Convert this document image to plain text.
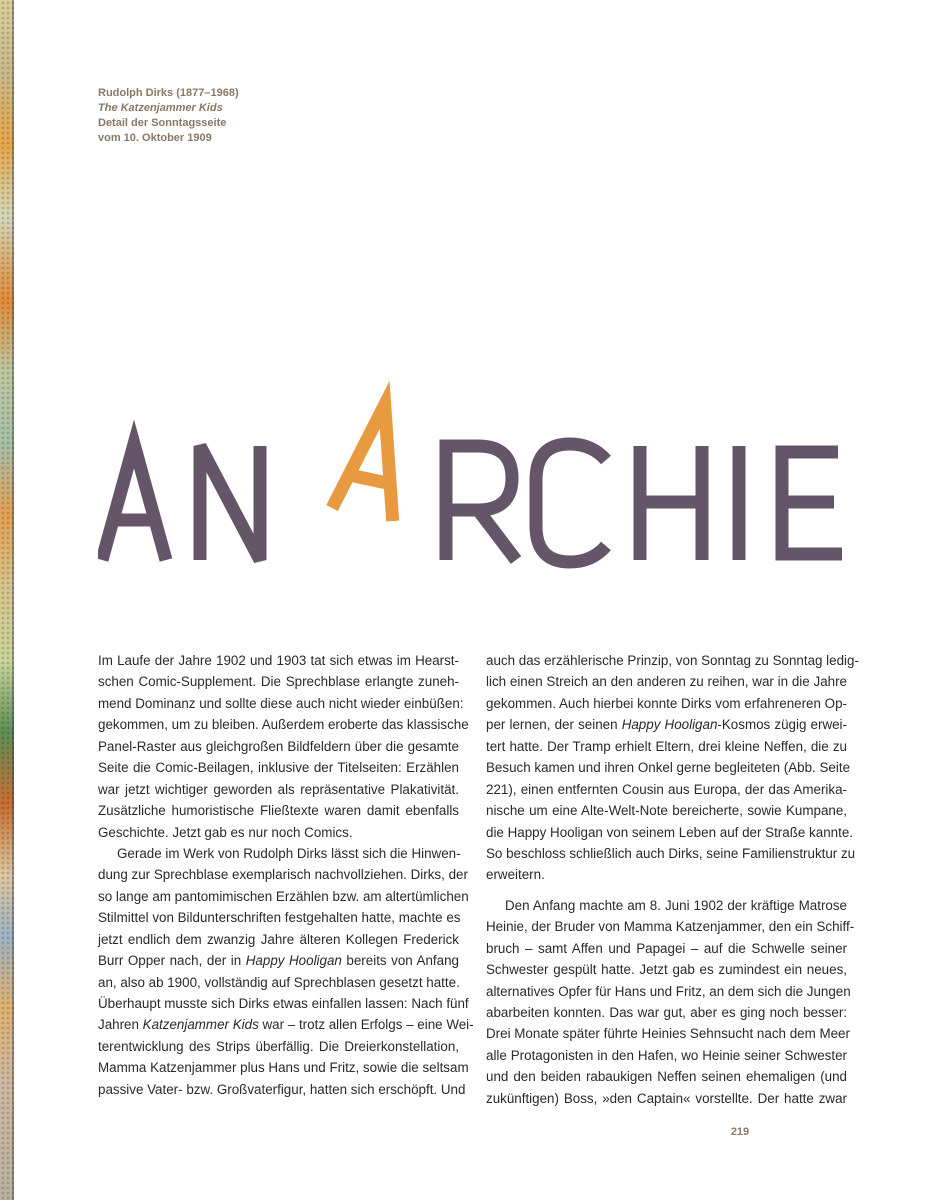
Rudolph Dirks (1877–1968)
The Katzenjammer Kids
Detail der Sonntagsseite
vom 10. Oktober 1909
Im Laufe der Jahre 1902 und 1903 tat sich etwas im Hearst-
schen Comic-Supplement. Die Sprechblase erlangte zuneh-
mend Dominanz und sollte diese auch nicht wieder einbüßen:
gekommen, um zu bleiben. Außerdem eroberte das klassische
Panel-Raster aus gleichgroßen Bildfeldern über die gesamte
Seite die Comic-Beilagen, inklusive der Titelseiten: Erzählen
war jetzt wichtiger geworden als repräsentative Plakativität.
Zusätzliche humoristische Fließtexte waren damit ebenfalls
Geschichte. Jetzt gab es nur noch Comics.
Gerade im Werk von Rudolph Dirks lässt sich die Hinwen-
dung zur Sprechblase exemplarisch nachvollziehen. Dirks, der
so lange am pantomimischen Erzählen bzw. am altertümlichen
Stilmittel von Bildunterschriften festgehalten hatte, machte es
jetzt endlich dem zwanzig Jahre älteren Kollegen Frederick
Burr Opper nach, der in Happy Hooligan bereits von Anfang
an, also ab 1900, vollständig auf Sprechblasen gesetzt hatte.
Überhaupt musste sich Dirks etwas einfallen lassen: Nach fünf
Jahren Katzenjammer Kids war – trotz allen Erfolgs – eine Wei-
terentwicklung des Strips überfällig. Die Dreierkonstellation,
Mamma Katzenjammer plus Hans und Fritz, sowie die seltsam
passive Vater- bzw. Großvaterfigur, hatten sich erschöpft. Und
auch das erzählerische Prinzip, von Sonntag zu Sonntag ledig-
lich einen Streich an den anderen zu reihen, war in die Jahre
gekommen. Auch hierbei konnte Dirks vom erfahreneren Op-
per lernen, der seinen Happy Hooligan-Kosmos zügig erwei-
tert hatte. Der Tramp erhielt Eltern, drei kleine Neffen, die zu
Besuch kamen und ihren Onkel gerne begleiteten (Abb. Seite
221), einen entfernten Cousin aus Europa, der das Amerika-
nische um eine Alte-Welt-Note bereicherte, sowie Kumpane,
die Happy Hooligan von seinem Leben auf der Straße kannte.
So beschloss schließlich auch Dirks, seine Familienstruktur zu
erweitern.
Den Anfang machte am 8. Juni 1902 der kräftige Matrose
Heinie, der Bruder von Mamma Katzenjammer, den ein Schiff-
bruch – samt Affen und Papagei – auf die Schwelle seiner
Schwester gespült hatte. Jetzt gab es zumindest ein neues,
alternatives Opfer für Hans und Fritz, an dem sich die Jungen
abarbeiten konnten. Das war gut, aber es ging noch besser:
Drei Monate später führte Heinies Sehnsucht nach dem Meer
alle Protagonisten in den Hafen, wo Heinie seiner Schwester
und den beiden rabaukigen Neffen seinen ehemaligen (und
zukünftigen) Boss, »den Captain« vorstellte. Der hatte zwar
219
